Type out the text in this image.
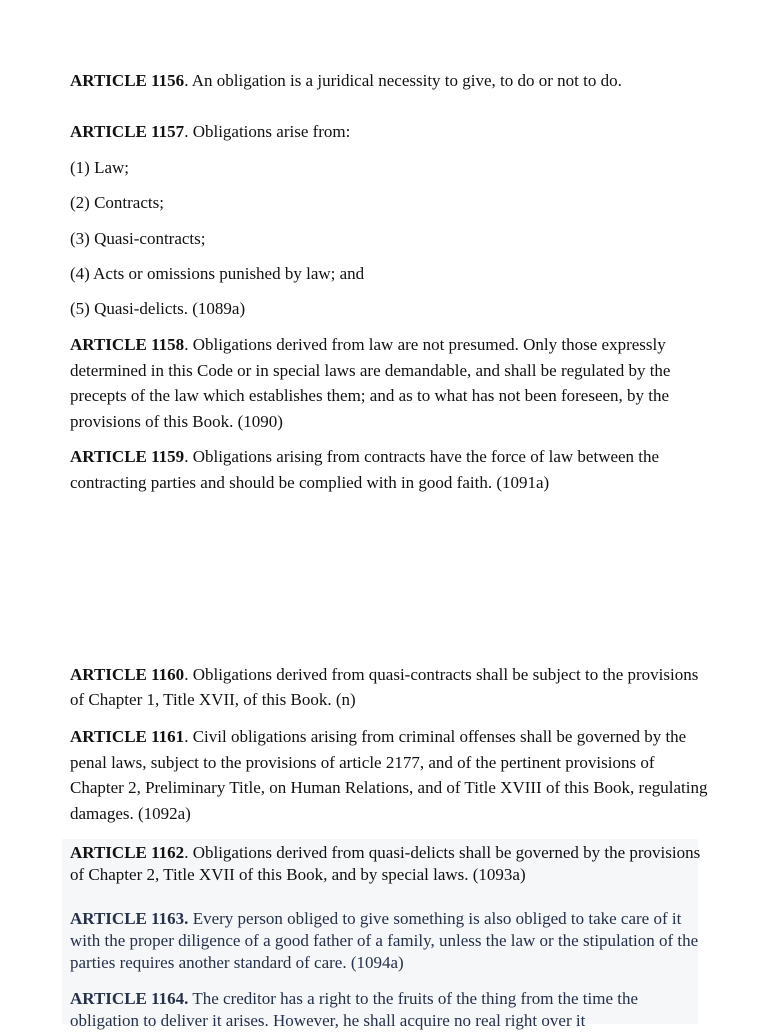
ARTICLE 1156. An obligation is a juridical necessity to give, to do or not to do.

ARTICLE 1157. Obligations arise from:

(1) Law;

(2) Contracts;

(3) Quasi-contracts;

(4) Acts or omissions punished by law; and

(5) Quasi-delicts. (1089a)

ARTICLE 1158. Obligations derived from law are not presumed. Only those expressly determined in this Code or in special laws are demandable, and shall be regulated by the precepts of the law which establishes them; and as to what has not been foreseen, by the provisions of this Book. (1090)

ARTICLE 1159. Obligations arising from contracts have the force of law between the contracting parties and should be complied with in good faith. (1091a)

ARTICLE 1160. Obligations derived from quasi-contracts shall be subject to the provisions of Chapter 1, Title XVII, of this Book. (n)

ARTICLE 1161. Civil obligations arising from criminal offenses shall be governed by the penal laws, subject to the provisions of article 2177, and of the pertinent provisions of Chapter 2, Preliminary Title, on Human Relations, and of Title XVIII of this Book, regulating damages. (1092a)

ARTICLE 1162. Obligations derived from quasi-delicts shall be governed by the provisions of Chapter 2, Title XVII of this Book, and by special laws. (1093a)

ARTICLE 1163. Every person obliged to give something is also obliged to take care of it with the proper diligence of a good father of a family, unless the law or the stipulation of the parties requires another standard of care. (1094a)

ARTICLE 1164. The creditor has a right to the fruits of the thing from the time the obligation to deliver it arises. However, he shall acquire no real right over it
